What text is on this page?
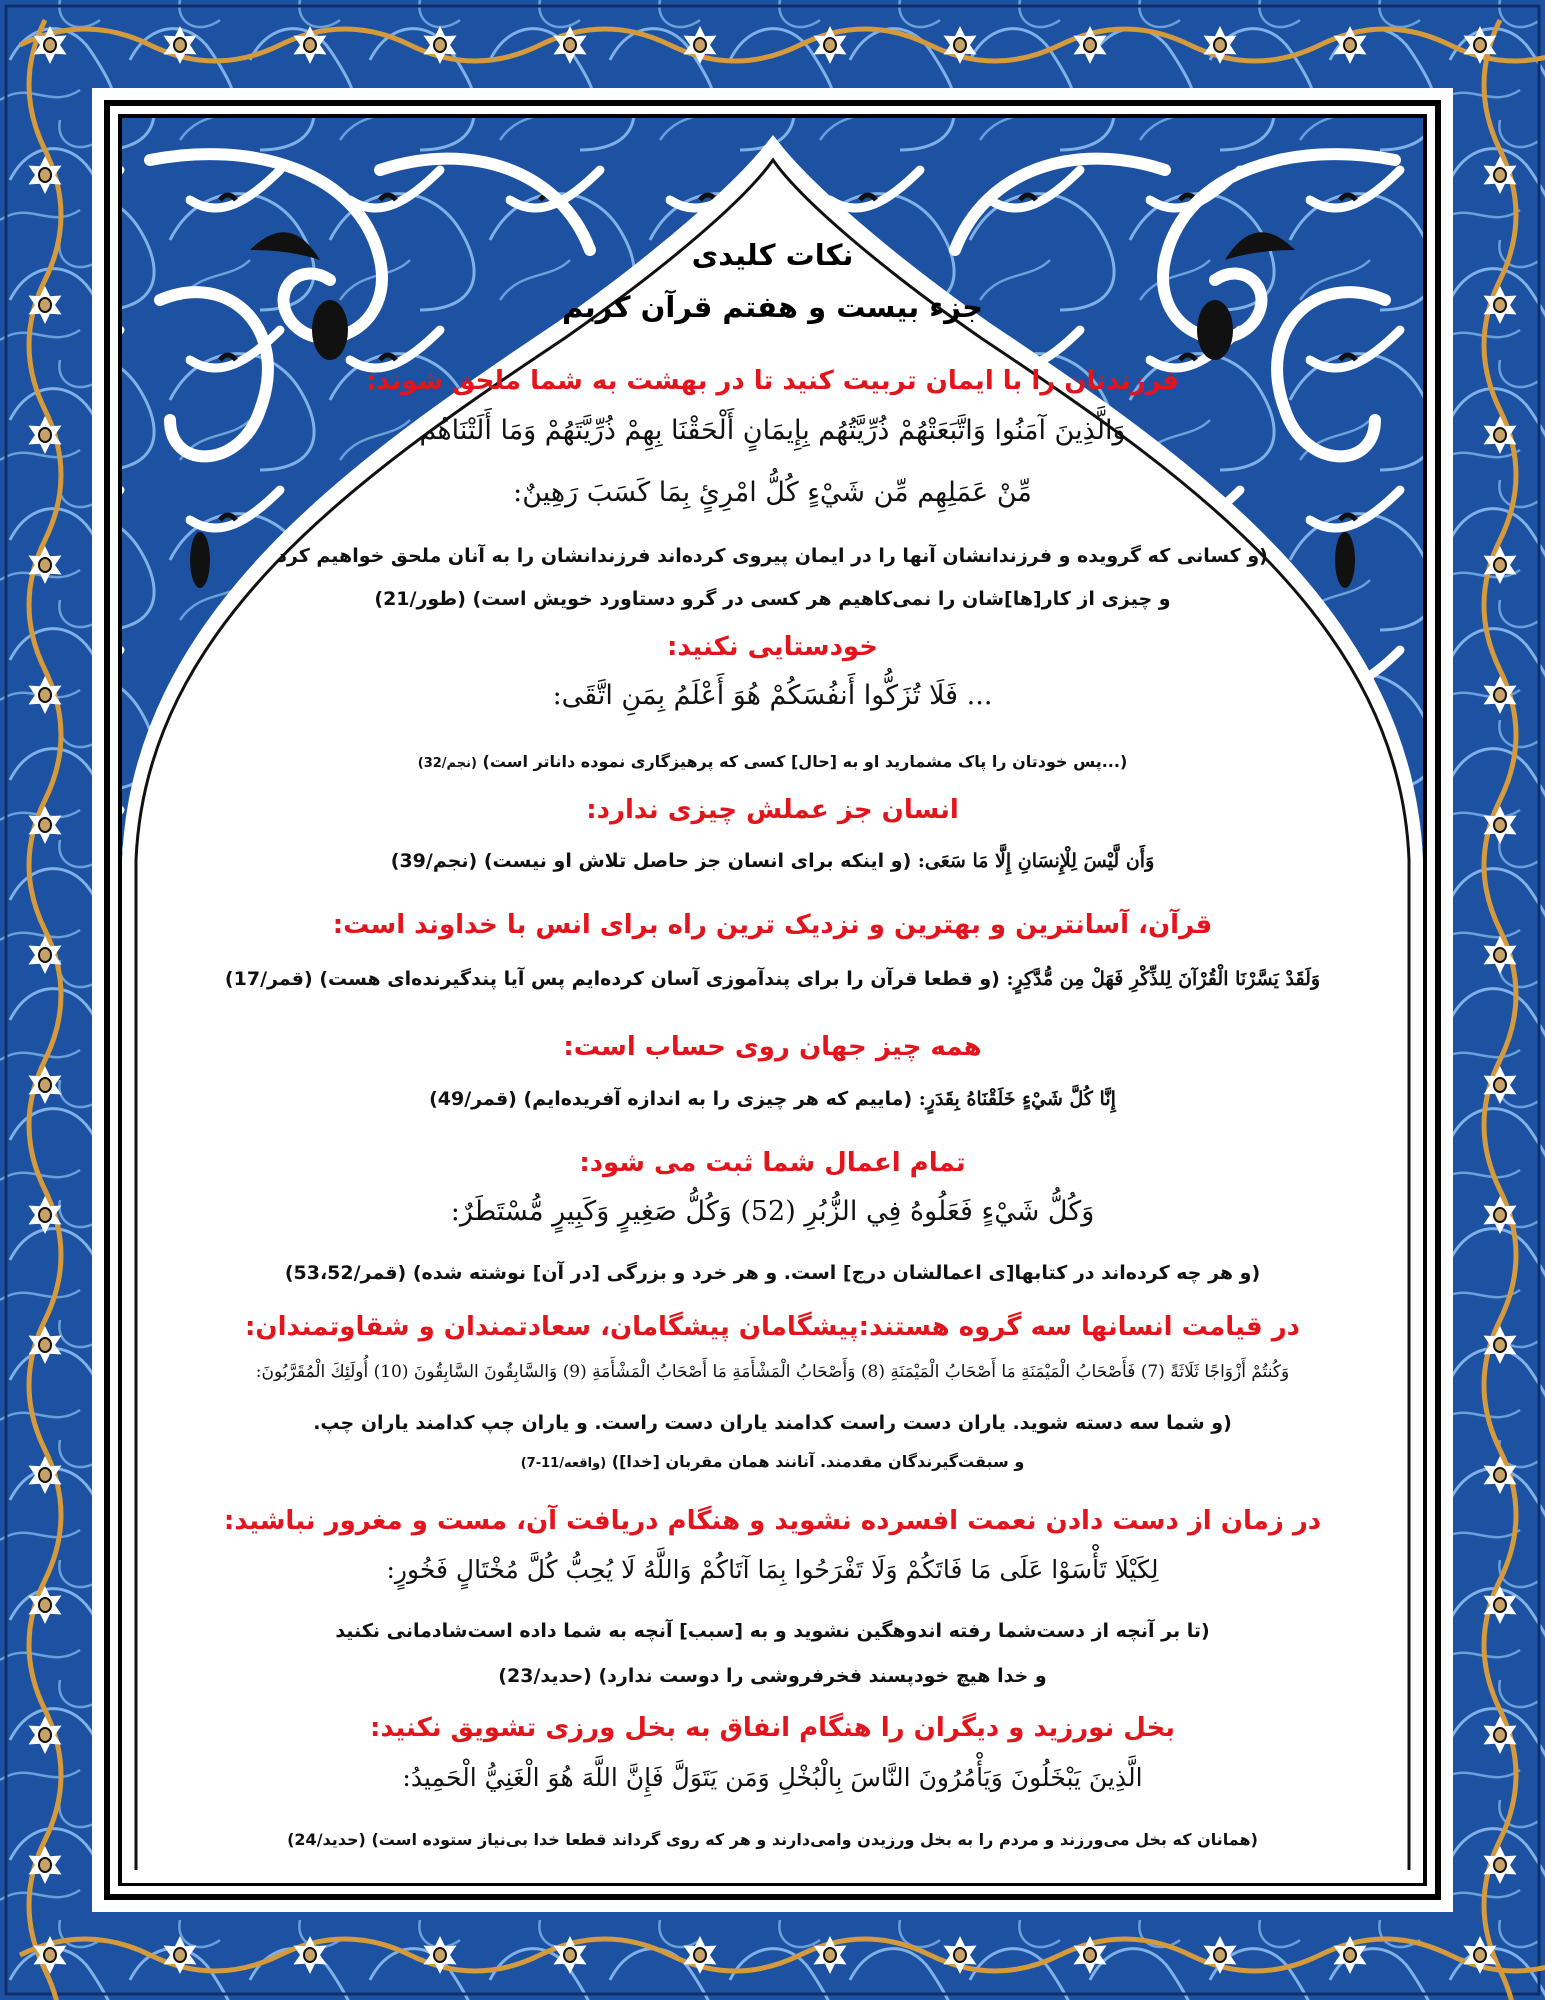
نکات کلیدی
جزء بیست و هفتم قرآن کریم
فرزندتان را با ایمان تربیت کنید تا در بهشت به شما ملحق شوند:
وَالَّذِينَ آمَنُوا وَاتَّبَعَتْهُمْ ذُرِّيَّتُهُم بِإِيمَانٍ أَلْحَقْنَا بِهِمْ ذُرِّيَّتَهُمْ وَمَا أَلَتْنَاهُم
مِّنْ عَمَلِهِم مِّن شَيْءٍ كُلُّ امْرِئٍ بِمَا كَسَبَ رَهِينٌ:
(و کسانی که گرویده و فرزندانشان آنها را در ایمان پیروی کرده‌اند فرزندانشان را به آنان ملحق خواهیم کرد
و چیزی از کار[ها]شان را نمی‌کاهیم هر کسی در گرو دستاورد خویش است) (طور/21)
خودستایی نکنید:
... فَلَا تُزَكُّوا أَنفُسَكُمْ هُوَ أَعْلَمُ بِمَنِ اتَّقَى:
(...پس خودتان را پاک مشمارید او به [حال] کسی که پرهیزگاری نموده داناتر است) (نجم/32)
انسان جز عملش چیزی ندارد:
وَأَن لَّيْسَ لِلْإِنسَانِ إِلَّا مَا سَعَى: (و اینکه برای انسان جز حاصل تلاش او نیست) (نجم/39)
قرآن، آسانترین و بهترین و نزدیک ترین راه برای انس با خداوند است:
وَلَقَدْ يَسَّرْنَا الْقُرْآنَ لِلذِّكْرِ فَهَلْ مِن مُّدَّكِرٍ: (و قطعا قرآن را برای پندآموزی آسان کرده‌ایم پس آیا پندگیرنده‌ای هست) (قمر/17)
همه چیز جهان روی حساب است:
إِنَّا كُلَّ شَيْءٍ خَلَقْنَاهُ بِقَدَرٍ: (ماییم که هر چیزی را به اندازه آفریده‌ایم) (قمر/49)
تمام اعمال شما ثبت می شود:
وَكُلُّ شَيْءٍ فَعَلُوهُ فِي الزُّبُرِ (52) وَكُلُّ صَغِيرٍ وَكَبِيرٍ مُّسْتَطَرٌ:
(و هر چه کرده‌اند در کتابها[ی اعمالشان درج] است. و هر خرد و بزرگی [در آن] نوشته شده) (قمر/53،52)
در قیامت انسانها سه گروه هستند:پیشگامان پیشگامان، سعادتمندان و شقاوتمندان:
وَكُنتُمْ أَزْوَاجًا ثَلَاثَةً (7) فَأَصْحَابُ الْمَيْمَنَةِ مَا أَصْحَابُ الْمَيْمَنَةِ (8) وَأَصْحَابُ الْمَشْأَمَةِ مَا أَصْحَابُ الْمَشْأَمَةِ (9) وَالسَّابِقُونَ السَّابِقُونَ (10) أُولَئِكَ الْمُقَرَّبُونَ:
(و شما سه دسته شوید. یاران دست راست کدامند یاران دست راست. و یاران چپ کدامند یاران چپ.
و سبقت‌گیرندگان مقدمند. آنانند همان مقربان [خدا]) (واقعه/11-7)
در زمان از دست دادن نعمت افسرده نشوید و هنگام دریافت آن، مست و مغرور نباشید:
لِكَيْلَا تَأْسَوْا عَلَى مَا فَاتَكُمْ وَلَا تَفْرَحُوا بِمَا آتَاكُمْ وَاللَّهُ لَا يُحِبُّ كُلَّ مُخْتَالٍ فَخُورٍ:
(تا بر آنچه از دست‌شما رفته اندوهگین نشوید و به [سبب] آنچه به شما داده است‌شادمانی نکنید
و خدا هیچ خودپسند فخرفروشی را دوست ندارد) (حدید/23)
بخل نورزید و دیگران را هنگام انفاق به بخل ورزی تشویق نکنید:
الَّذِينَ يَبْخَلُونَ وَيَأْمُرُونَ النَّاسَ بِالْبُخْلِ وَمَن يَتَوَلَّ فَإِنَّ اللَّهَ هُوَ الْغَنِيُّ الْحَمِيدُ:
(همانان که بخل می‌ورزند و مردم را به بخل ورزیدن وامی‌دارند و هر که روی گرداند قطعا خدا بی‌نیاز ستوده است) (حدید/24)
